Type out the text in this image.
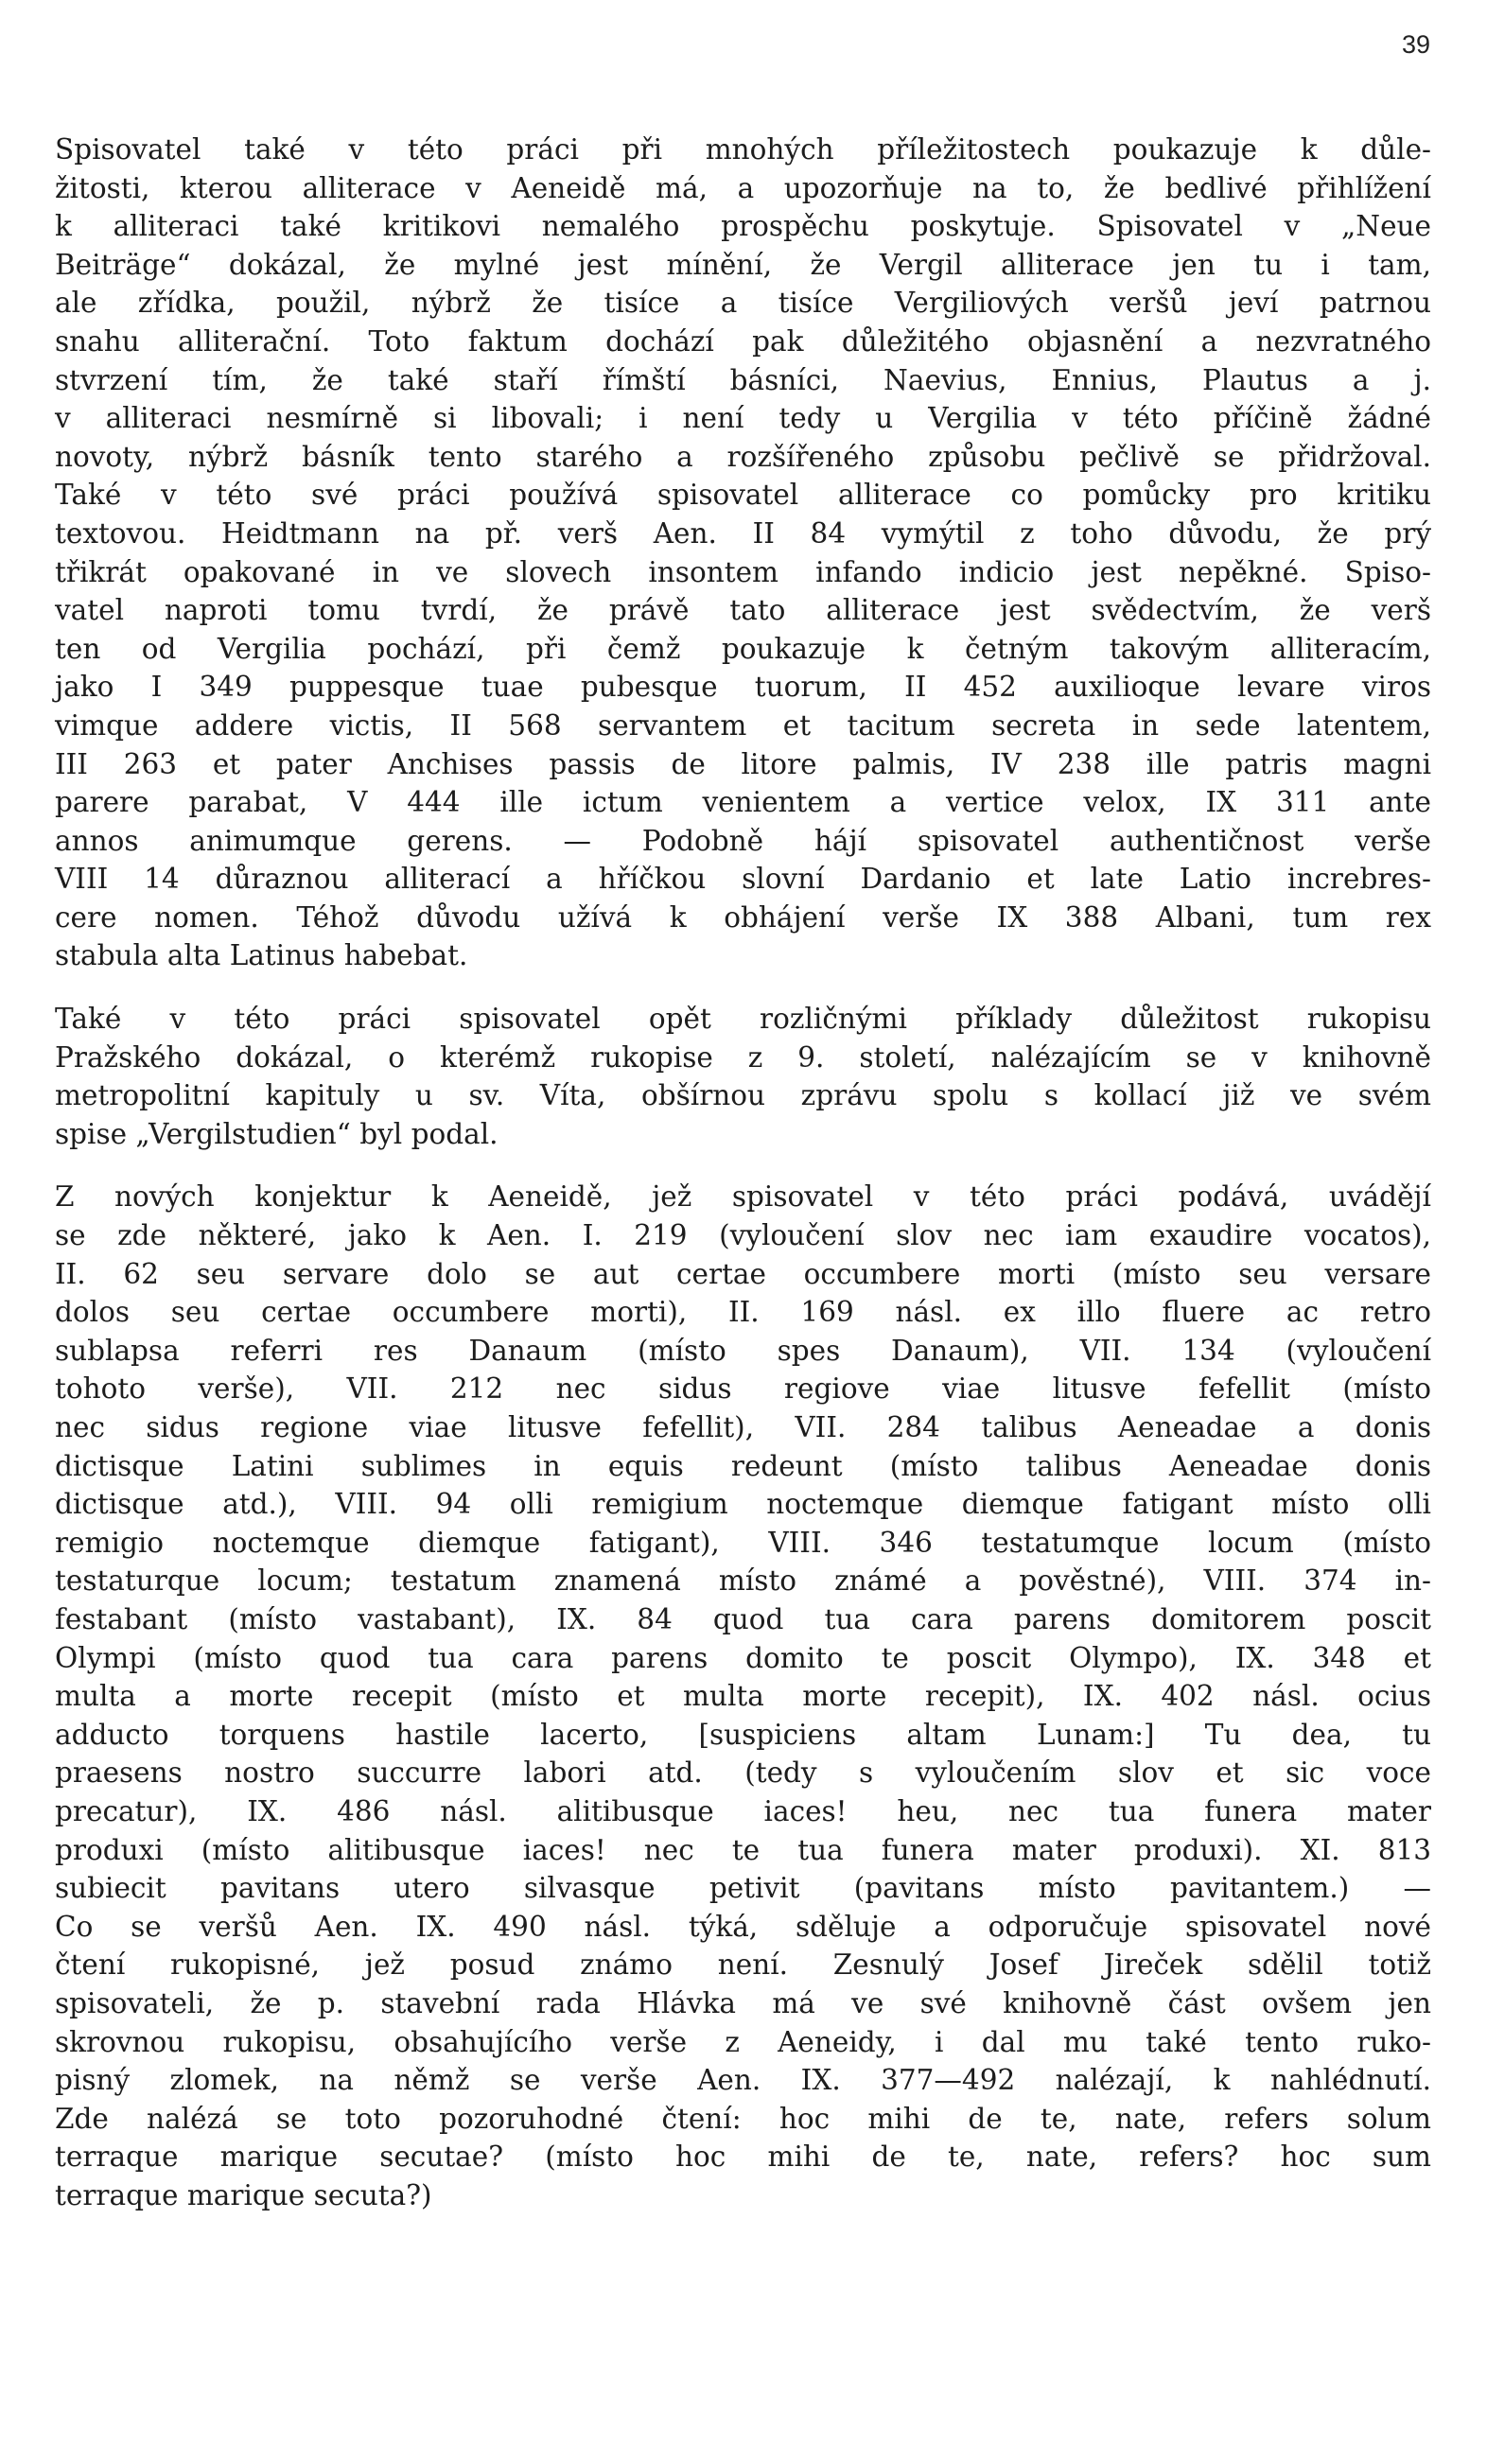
39
Spisovatel také v této práci při mnohých příležitostech poukazuje k důle-
žitosti, kterou alliterace v Aeneidě má, a upozorňuje na to, že bedlivé přihlížení
k alliteraci také kritikovi nemalého prospěchu poskytuje. Spisovatel v „Neue
Beiträge“ dokázal, že mylné jest mínění, že Vergil alliterace jen tu i tam,
ale zřídka, použil, nýbrž že tisíce a tisíce Vergiliových veršů jeví patrnou
snahu alliterační. Toto faktum dochází pak důležitého objasnění a nezvratného
stvrzení tím, že také staří římští básníci, Naevius, Ennius, Plautus a j.
v alliteraci nesmírně si libovali; i není tedy u Vergilia v této příčině žádné
novoty, nýbrž básník tento starého a rozšířeného způsobu pečlivě se přidržoval.
Také v této své práci používá spisovatel alliterace co pomůcky pro kritiku
textovou. Heidtmann na př. verš Aen. II 84 vymýtil z toho důvodu, že prý
třikrát opakované in ve slovech insontem infando indicio jest nepěkné. Spiso-
vatel naproti tomu tvrdí, že právě tato alliterace jest svědectvím, že verš
ten od Vergilia pochází, při čemž poukazuje k četným takovým alliteracím,
jako I 349 puppesque tuae pubesque tuorum, II 452 auxilioque levare viros
vimque addere victis, II 568 servantem et tacitum secreta in sede latentem,
III 263 et pater Anchises passis de litore palmis, IV 238 ille patris magni
parere parabat, V 444 ille ictum venientem a vertice velox, IX 311 ante
annos animumque gerens. — Podobně hájí spisovatel authentičnost verše
VIII 14 důraznou alliterací a hříčkou slovní Dardanio et late Latio increbres-
cere nomen. Téhož důvodu užívá k obhájení verše IX 388 Albani, tum rex
stabula alta Latinus habebat.
Také v této práci spisovatel opět rozličnými příklady důležitost rukopisu
Pražského dokázal, o kterémž rukopise z 9. století, nalézajícím se v knihovně
metropolitní kapituly u sv. Víta, obšírnou zprávu spolu s kollací již ve svém
spise „Vergilstudien“ byl podal.
Z nových konjektur k Aeneidě, jež spisovatel v této práci podává, uvádějí
se zde některé, jako k Aen. I. 219 (vyloučení slov nec iam exaudire vocatos),
II. 62 seu servare dolo se aut certae occumbere morti (místo seu versare
dolos seu certae occumbere morti), II. 169 násl. ex illo fluere ac retro
sublapsa referri res Danaum (místo spes Danaum), VII. 134 (vyloučení
tohoto verše), VII. 212 nec sidus regiove viae litusve fefellit (místo
nec sidus regione viae litusve fefellit), VII. 284 talibus Aeneadae a donis
dictisque Latini sublimes in equis redeunt (místo talibus Aeneadae donis
dictisque atd.), VIII. 94 olli remigium noctemque diemque fatigant místo olli
remigio noctemque diemque fatigant), VIII. 346 testatumque locum (místo
testaturque locum; testatum znamená místo známé a pověstné), VIII. 374 in-
festabant (místo vastabant), IX. 84 quod tua cara parens domitorem poscit
Olympi (místo quod tua cara parens domito te poscit Olympo), IX. 348 et
multa a morte recepit (místo et multa morte recepit), IX. 402 násl. ocius
adducto torquens hastile lacerto, [suspiciens altam Lunam:] Tu dea, tu
praesens nostro succurre labori atd. (tedy s vyloučením slov et sic voce
precatur), IX. 486 násl. alitibusque iaces! heu, nec tua funera mater
produxi (místo alitibusque iaces! nec te tua funera mater produxi). XI. 813
subiecit pavitans utero silvasque petivit (pavitans místo pavitantem.) —
Co se veršů Aen. IX. 490 násl. týká, sděluje a odporučuje spisovatel nové
čtení rukopisné, jež posud známo není. Zesnulý Josef Jireček sdělil totiž
spisovateli, že p. stavební rada Hlávka má ve své knihovně část ovšem jen
skrovnou rukopisu, obsahujícího verše z Aeneidy, i dal mu také tento ruko-
pisný zlomek, na němž se verše Aen. IX. 377—492 nalézají, k nahlédnutí.
Zde nalézá se toto pozoruhodné čtení: hoc mihi de te, nate, refers solum
terraque marique secutae? (místo hoc mihi de te, nate, refers? hoc sum
terraque marique secuta?)
